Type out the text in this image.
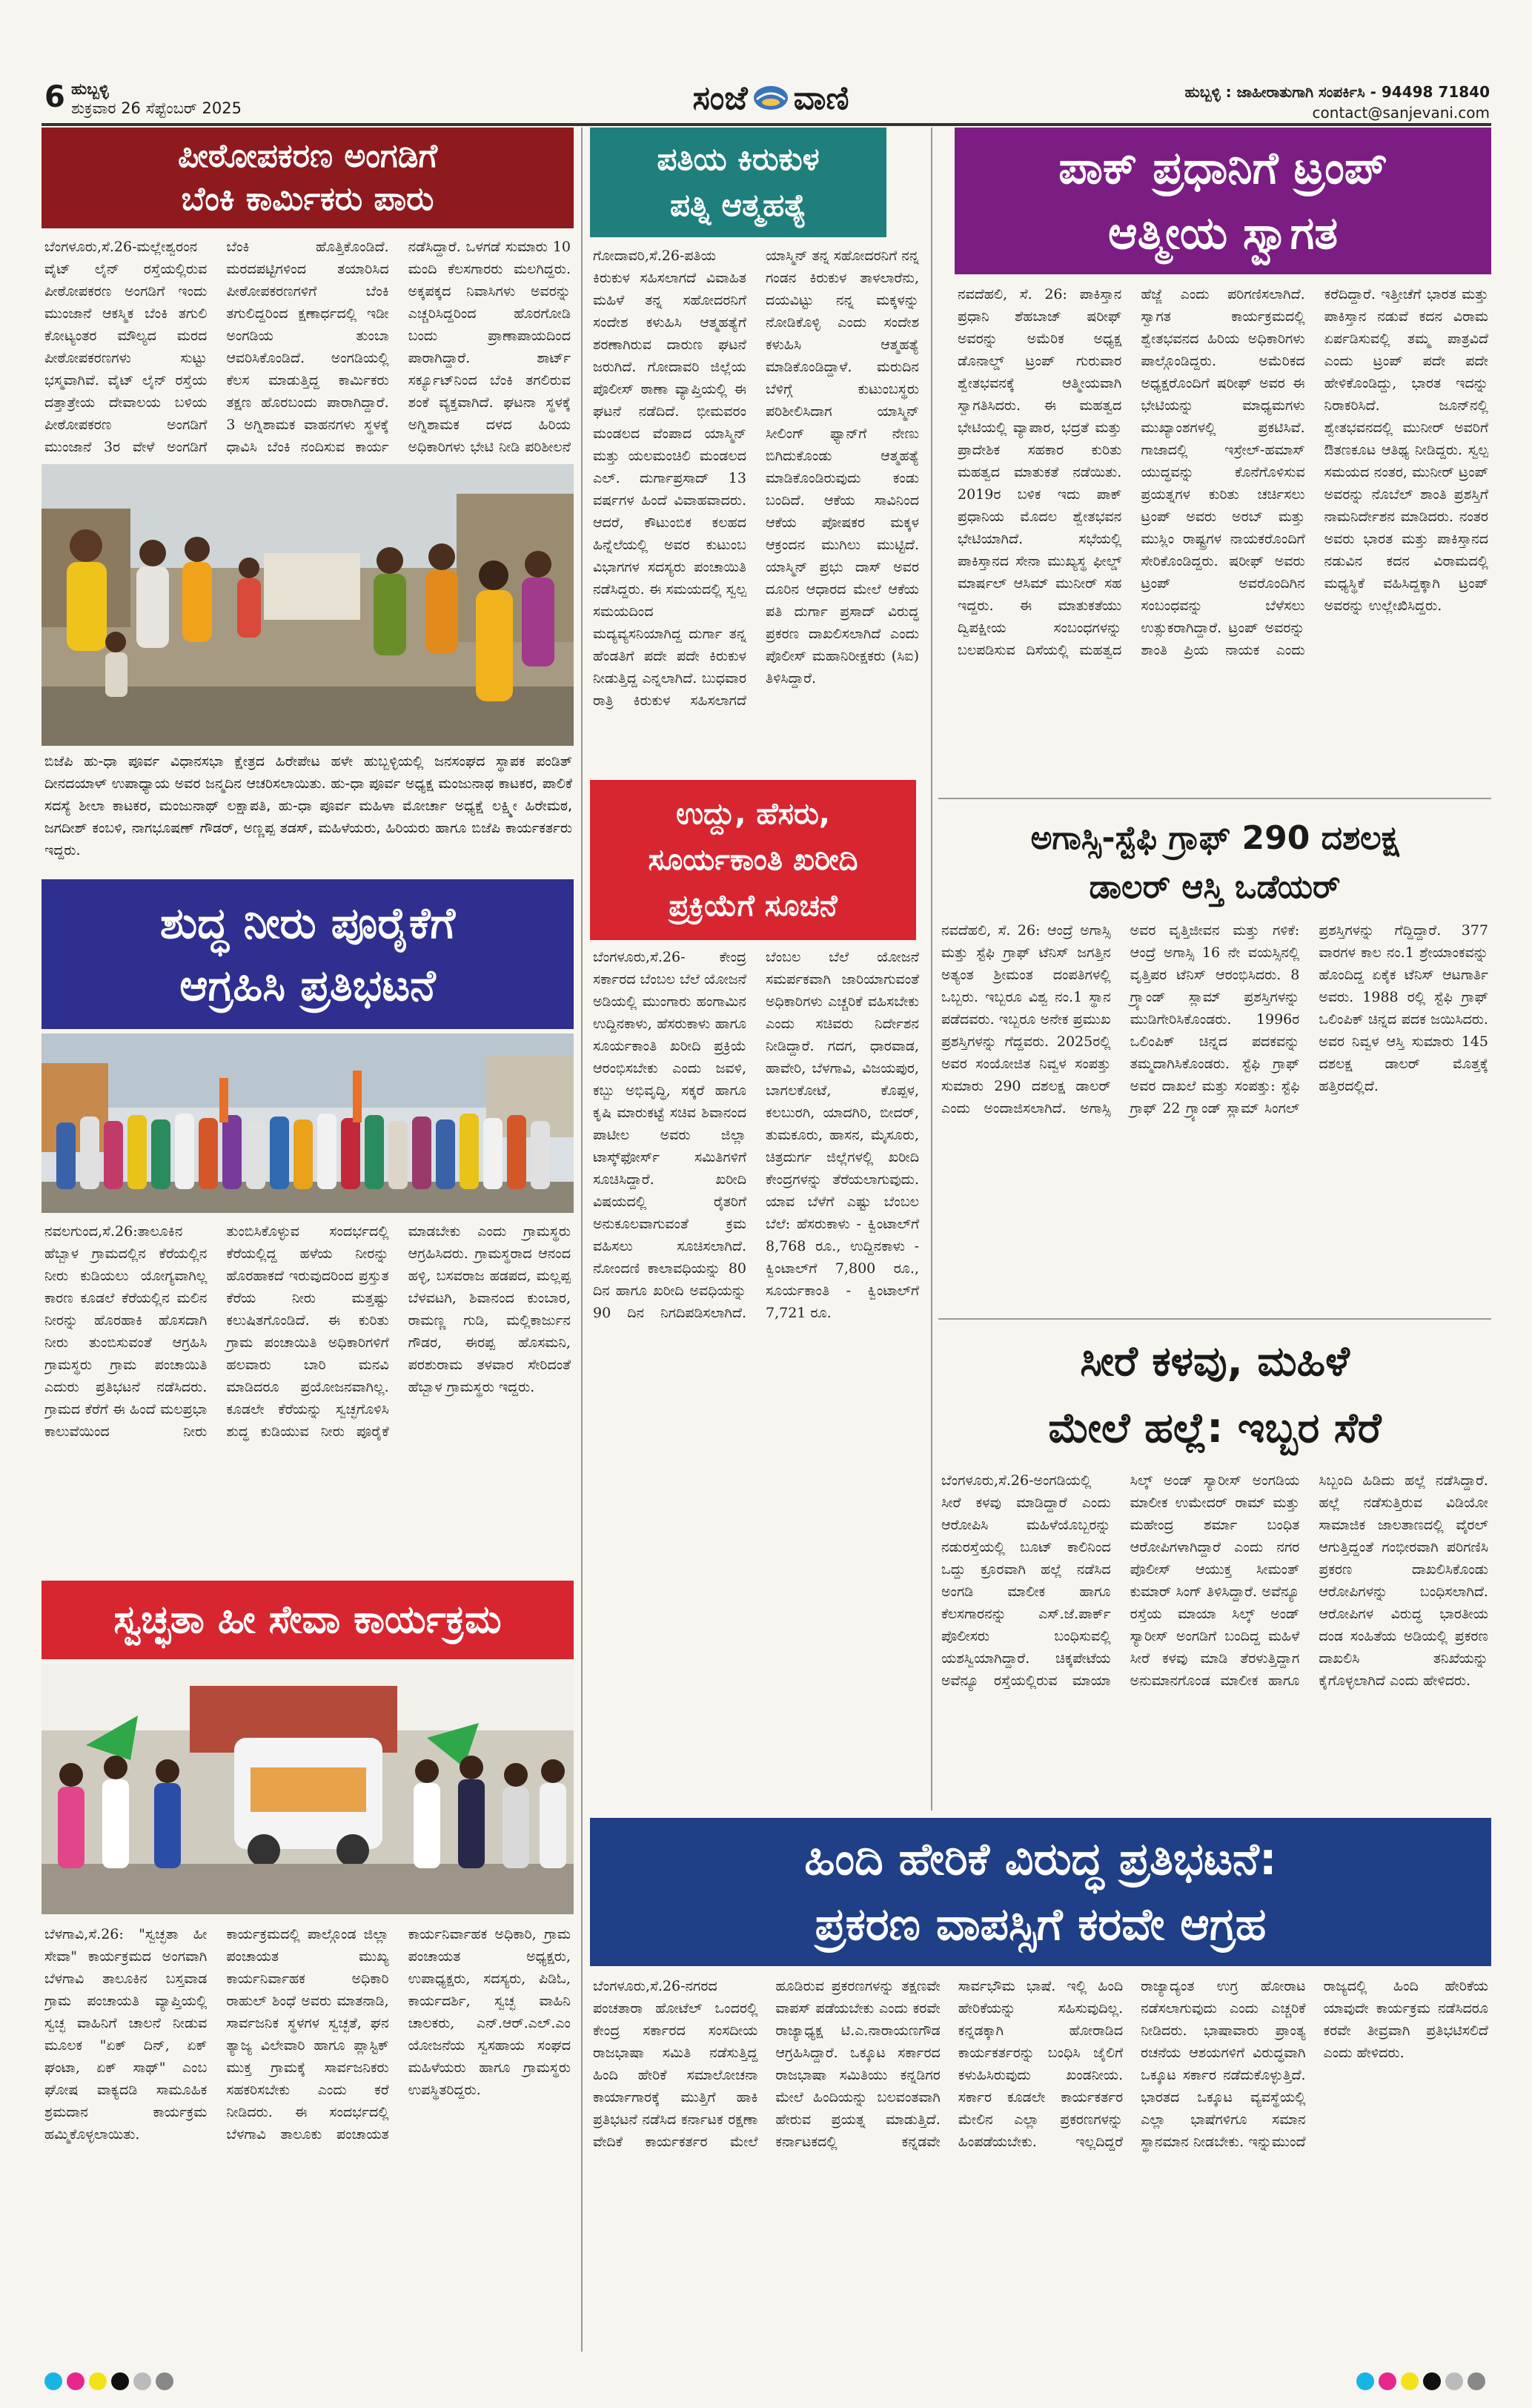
6 ಹುಬ್ಬಳ್ಳಿ
ಶುಕ್ರವಾರ 26 ಸೆಪ್ಟೆಂಬರ್ 2025	ಸಂಜೆ ವಾಣಿ	ಹುಬ್ಬಳ್ಳಿ : ಜಾಹೀರಾತುಗಾಗಿ ಸಂಪರ್ಕಿಸಿ - 94498 71840
contact@sanjevani.com
ಪೀಠೋಪಕರಣ ಅಂಗಡಿಗೆ
ಬೆಂಕಿ ಕಾರ್ಮಿಕರು ಪಾರು
ಬೆಂಗಳೂರು,ಸೆ.26-ಮಲ್ಲೇಶ್ವರಂನ ವೈಟ್ ಲೈನ್ ರಸ್ತೆಯಲ್ಲಿರುವ ಪೀಠೋಪಕರಣ ಅಂಗಡಿಗೆ ಇಂದು ಮುಂಜಾನೆ ಆಕಸ್ಮಿಕ ಬೆಂಕಿ ತಗುಲಿ ಕೋಟ್ಯಂತರ ಮೌಲ್ಯದ ಮರದ ಪೀಠೋಪಕರಣಗಳು ಸುಟ್ಟು ಭಸ್ಮವಾಗಿವೆ. ವೈಟ್ ಲೈನ್ ರಸ್ತೆಯ ದತ್ತಾತ್ರೇಯ ದೇವಾಲಯ ಬಳಿಯ ಪೀಠೋಪಕರಣ ಅಂಗಡಿಗೆ ಮುಂಜಾನೆ 3ರ ವೇಳೆ ಅಂಗಡಿಗೆ ಬೆಂಕಿ ಹೊತ್ತಿಕೊಂಡಿದೆ. ಮರದಪಟ್ಟಿಗಳಿಂದ ತಯಾರಿಸಿದ ಪೀಠೋಪಕರಣಗಳಿಗೆ ಬೆಂಕಿ ತಗುಲಿದ್ದರಿಂದ ಕ್ಷಣಾರ್ಧದಲ್ಲಿ ಇಡೀ ಅಂಗಡಿಯ ತುಂಬಾ ಆವರಿಸಿಕೊಂಡಿದೆ. ಅಂಗಡಿಯಲ್ಲಿ ಕೆಲಸ ಮಾಡುತ್ತಿದ್ದ ಕಾರ್ಮಿಕರು ತಕ್ಷಣ ಹೊರಬಂದು ಪಾರಾಗಿದ್ದಾರೆ. 3 ಅಗ್ನಿಶಾಮಕ ವಾಹನಗಳು ಸ್ಥಳಕ್ಕೆ ಧಾವಿಸಿ ಬೆಂಕಿ ನಂದಿಸುವ ಕಾರ್ಯ ನಡೆಸಿದ್ದಾರೆ. ಒಳಗಡೆ ಸುಮಾರು 10 ಮಂದಿ ಕೆಲಸಗಾರರು ಮಲಗಿದ್ದರು. ಅಕ್ಕಪಕ್ಕದ ನಿವಾಸಿಗಳು ಅವರನ್ನು ಎಚ್ಚರಿಸಿದ್ದರಿಂದ ಹೊರಗೋಡಿ ಬಂದು ಪ್ರಾಣಾಪಾಯದಿಂದ ಪಾರಾಗಿದ್ದಾರೆ. ಶಾರ್ಟ್ ಸರ್ಕ್ಯೂಟ್‌ನಿಂದ ಬೆಂಕಿ ತಗಲಿರುವ ಶಂಕೆ ವ್ಯಕ್ತವಾಗಿದೆ. ಘಟನಾ ಸ್ಥಳಕ್ಕೆ ಅಗ್ನಿಶಾಮಕ ದಳದ ಹಿರಿಯ ಅಧಿಕಾರಿಗಳು ಭೇಟಿ ನೀಡಿ ಪರಿಶೀಲನೆ
ಬಿಜೆಪಿ ಹು-ಧಾ ಪೂರ್ವ ವಿಧಾನಸಭಾ ಕ್ಷೇತ್ರದ ಹಿರೇಪೇಟ ಹಳೇ ಹುಬ್ಬಳ್ಳಿಯಲ್ಲಿ ಜನಸಂಘದ ಸ್ಥಾಪಕ ಪಂಡಿತ್ ದೀನದಯಾಳ್ ಉಪಾಧ್ಯಾಯ ಅವರ ಜನ್ಮದಿನ ಆಚರಿಸಲಾಯಿತು. ಹು-ಧಾ ಪೂರ್ವ ಅಧ್ಯಕ್ಷ ಮಂಜುನಾಥ ಕಾಟಕರ, ಪಾಲಿಕೆ ಸದಸ್ಯೆ ಶೀಲಾ ಕಾಟಕರ, ಮಂಜುನಾಥ್ ಲಕ್ಷಾಪತಿ, ಹು-ಧಾ ಪೂರ್ವ ಮಹಿಳಾ ಮೋರ್ಚಾ ಅಧ್ಯಕ್ಷೆ ಲಕ್ಷ್ಮೀ ಹಿರೇಮಠ, ಜಗದೀಶ್ ಕಂಬಳಿ, ನಾಗಭೂಷಣ್ ಗೌಡರ್, ಅಣ್ಣಪ್ಪ ತಡಸ್, ಮಹಿಳೆಯರು, ಹಿರಿಯರು ಹಾಗೂ ಬಿಜೆಪಿ ಕಾರ್ಯಕರ್ತರು ಇದ್ದರು.
ಶುದ್ಧ ನೀರು ಪೂರೈಕೆಗೆ
ಆಗ್ರಹಿಸಿ ಪ್ರತಿಭಟನೆ
ನವಲಗುಂದ,ಸೆ.26:ತಾಲೂಕಿನ ಹೆಬ್ಬಾಳ ಗ್ರಾಮದಲ್ಲಿನ ಕೆರೆಯಲ್ಲಿನ ನೀರು ಕುಡಿಯಲು ಯೋಗ್ಯವಾಗಿಲ್ಲ ಕಾರಣ ಕೂಡಲೆ ಕೆರೆಯಲ್ಲಿನ ಮಲಿನ ನೀರನ್ನು ಹೊರಹಾಕಿ ಹೊಸದಾಗಿ ನೀರು ತುಂಬಿಸುವಂತೆ ಆಗ್ರಹಿಸಿ ಗ್ರಾಮಸ್ಥರು ಗ್ರಾಮ ಪಂಚಾಯಿತಿ ಎದುರು ಪ್ರತಿಭಟನೆ ನಡೆಸಿದರು. ಗ್ರಾಮದ ಕೆರೆಗೆ ಈ ಹಿಂದೆ ಮಲಪ್ರಭಾ ಕಾಲುವೆಯಿಂದ ನೀರು ತುಂಬಿಸಿಕೊಳ್ಳುವ ಸಂದರ್ಭದಲ್ಲಿ ಕೆರೆಯಲ್ಲಿದ್ದ ಹಳೆಯ ನೀರನ್ನು ಹೊರಹಾಕದೆ ಇರುವುದರಿಂದ ಪ್ರಸ್ತುತ ಕೆರೆಯ ನೀರು ಮತ್ತಷ್ಟು ಕಲುಷಿತಗೊಂಡಿದೆ. ಈ ಕುರಿತು ಗ್ರಾಮ ಪಂಚಾಯಿತಿ ಅಧಿಕಾರಿಗಳಿಗೆ ಹಲವಾರು ಬಾರಿ ಮನವಿ ಮಾಡಿದರೂ ಪ್ರಯೋಜನವಾಗಿಲ್ಲ. ಕೂಡಲೇ ಕೆರೆಯನ್ನು ಸ್ವಚ್ಛಗೊಳಿಸಿ ಶುದ್ಧ ಕುಡಿಯುವ ನೀರು ಪೂರೈಕೆ ಮಾಡಬೇಕು ಎಂದು ಗ್ರಾಮಸ್ಥರು ಆಗ್ರಹಿಸಿದರು. ಗ್ರಾಮಸ್ಥರಾದ ಆನಂದ ಹಳ್ಳಿ, ಬಸವರಾಜ ಹಡಪದ, ಮಲ್ಲಪ್ಪ ಬೆಳವಟಗಿ, ಶಿವಾನಂದ ಕುಂಬಾರ, ರಾಮಣ್ಣ ಗುಡಿ, ಮಲ್ಲಿಕಾರ್ಜುನ ಗೌಡರ, ಈರಪ್ಪ ಹೊಸಮನಿ, ಪರಶುರಾಮ ತಳವಾರ ಸೇರಿದಂತೆ ಹೆಬ್ಬಾಳ ಗ್ರಾಮಸ್ಥರು ಇದ್ದರು.
ಸ್ವಚ್ಛತಾ ಹೀ ಸೇವಾ ಕಾರ್ಯಕ್ರಮ
ಬೆಳಗಾವಿ,ಸೆ.26: "ಸ್ವಚ್ಛತಾ ಹೀ ಸೇವಾ" ಕಾರ್ಯಕ್ರಮದ ಅಂಗವಾಗಿ ಬೆಳಗಾವಿ ತಾಲೂಕಿನ ಬಸ್ತವಾಡ ಗ್ರಾಮ ಪಂಚಾಯತಿ ವ್ಯಾಪ್ತಿಯಲ್ಲಿ ಸ್ವಚ್ಛ ವಾಹಿನಿಗೆ ಚಾಲನೆ ನೀಡುವ ಮೂಲಕ "ಏಕ್ ದಿನ್, ಏಕ್ ಘಂಟಾ, ಏಕ್ ಸಾಥ್" ಎಂಬ ಘೋಷ ವಾಕ್ಯದಡಿ ಸಾಮೂಹಿಕ ಶ್ರಮದಾನ ಕಾರ್ಯಕ್ರಮ ಹಮ್ಮಿಕೊಳ್ಳಲಾಯಿತು. ಕಾರ್ಯಕ್ರಮದಲ್ಲಿ ಪಾಲ್ಗೊಂಡ ಜಿಲ್ಲಾ ಪಂಚಾಯತ ಮುಖ್ಯ ಕಾರ್ಯನಿರ್ವಾಹಕ ಅಧಿಕಾರಿ ರಾಹುಲ್ ಶಿಂಧೆ ಅವರು ಮಾತನಾಡಿ, ಸಾರ್ವಜನಿಕ ಸ್ಥಳಗಳ ಸ್ವಚ್ಛತೆ, ಘನ ತ್ಯಾಜ್ಯ ವಿಲೇವಾರಿ ಹಾಗೂ ಪ್ಲಾಸ್ಟಿಕ್ ಮುಕ್ತ ಗ್ರಾಮಕ್ಕೆ ಸಾರ್ವಜನಿಕರು ಸಹಕರಿಸಬೇಕು ಎಂದು ಕರೆ ನೀಡಿದರು. ಈ ಸಂದರ್ಭದಲ್ಲಿ ಬೆಳಗಾವಿ ತಾಲೂಕು ಪಂಚಾಯತ ಕಾರ್ಯನಿರ್ವಾಹಕ ಅಧಿಕಾರಿ, ಗ್ರಾಮ ಪಂಚಾಯತ ಅಧ್ಯಕ್ಷರು, ಉಪಾಧ್ಯಕ್ಷರು, ಸದಸ್ಯರು, ಪಿಡಿಓ, ಕಾರ್ಯದರ್ಶಿ, ಸ್ವಚ್ಛ ವಾಹಿನಿ ಚಾಲಕರು, ಎನ್.ಆರ್.ಎಲ್.ಎಂ ಯೋಜನೆಯ ಸ್ವಸಹಾಯ ಸಂಘದ ಮಹಿಳೆಯರು ಹಾಗೂ ಗ್ರಾಮಸ್ಥರು ಉಪಸ್ಥಿತರಿದ್ದರು.
ಪತಿಯ ಕಿರುಕುಳ
ಪತ್ನಿ ಆತ್ಮಹತ್ಯೆ
ಗೋದಾವರಿ,ಸೆ.26-ಪತಿಯ ಕಿರುಕುಳ ಸಹಿಸಲಾಗದೆ ವಿವಾಹಿತ ಮಹಿಳೆ ತನ್ನ ಸಹೋದರನಿಗೆ ಸಂದೇಶ ಕಳುಹಿಸಿ ಆತ್ಮಹತ್ಯೆಗೆ ಶರಣಾಗಿರುವ ದಾರುಣ ಘಟನೆ ಜರುಗಿದೆ. ಗೋದಾವರಿ ಜಿಲ್ಲೆಯ ಪೊಲೀಸ್ ಠಾಣಾ ವ್ಯಾಪ್ತಿಯಲ್ಲಿ ಈ ಘಟನೆ ನಡೆದಿದೆ. ಭೀಮವರಂ ಮಂಡಲದ ವೆಂಪಾದ ಯಾಸ್ಮಿನ್ ಮತ್ತು ಯಲಮಂಚಿಲಿ ಮಂಡಲದ ಎಲ್. ದುರ್ಗಾಪ್ರಸಾದ್ 13 ವರ್ಷಗಳ ಹಿಂದೆ ವಿವಾಹವಾದರು. ಆದರೆ, ಕೌಟುಂಬಿಕ ಕಲಹದ ಹಿನ್ನೆಲೆಯಲ್ಲಿ ಅವರ ಕುಟುಂಬ ವಿಭಾಗಗಳ ಸದಸ್ಯರು ಪಂಚಾಯಿತಿ ನಡೆಸಿದ್ದರು. ಈ ಸಮಯದಲ್ಲಿ ಸ್ವಲ್ಪ ಸಮಯದಿಂದ ಮದ್ಯವ್ಯಸನಿಯಾಗಿದ್ದ ದುರ್ಗಾ ತನ್ನ ಹೆಂಡತಿಗೆ ಪದೇ ಪದೇ ಕಿರುಕುಳ ನೀಡುತ್ತಿದ್ದ ಎನ್ನಲಾಗಿದೆ. ಬುಧವಾರ ರಾತ್ರಿ ಕಿರುಕುಳ ಸಹಿಸಲಾಗದೆ ಯಾಸ್ಮಿನ್ ತನ್ನ ಸಹೋದರನಿಗೆ ನನ್ನ ಗಂಡನ ಕಿರುಕುಳ ತಾಳಲಾರೆನು, ದಯವಿಟ್ಟು ನನ್ನ ಮಕ್ಕಳನ್ನು ನೋಡಿಕೊಳ್ಳಿ ಎಂದು ಸಂದೇಶ ಕಳುಹಿಸಿ ಆತ್ಮಹತ್ಯೆ ಮಾಡಿಕೊಂಡಿದ್ದಾಳೆ. ಮರುದಿನ ಬೆಳಿಗ್ಗೆ ಕುಟುಂಬಸ್ಥರು ಪರಿಶೀಲಿಸಿದಾಗ ಯಾಸ್ಮಿನ್ ಸೀಲಿಂಗ್ ಫ್ಯಾನ್‌ಗೆ ನೇಣು ಬಿಗಿದುಕೊಂಡು ಆತ್ಮಹತ್ಯೆ ಮಾಡಿಕೊಂಡಿರುವುದು ಕಂಡು ಬಂದಿದೆ. ಆಕೆಯ ಸಾವಿನಿಂದ ಆಕೆಯ ಪೋಷಕರ ಮಕ್ಕಳ ಆಕ್ರಂದನ ಮುಗಿಲು ಮುಟ್ಟಿದೆ. ಯಾಸ್ಮಿನ್ ಪ್ರಭು ದಾಸ್ ಅವರ ದೂರಿನ ಆಧಾರದ ಮೇಲೆ ಆಕೆಯ ಪತಿ ದುರ್ಗಾ ಪ್ರಸಾದ್ ವಿರುದ್ಧ ಪ್ರಕರಣ ದಾಖಲಿಸಲಾಗಿದೆ ಎಂದು ಪೊಲೀಸ್ ಮಹಾನಿರೀಕ್ಷಕರು (ಸಿಐ) ತಿಳಿಸಿದ್ದಾರೆ.
ಪಾಕ್ ಪ್ರಧಾನಿಗೆ ಟ್ರಂಪ್
ಆತ್ಮೀಯ ಸ್ವಾಗತ
ನವದೆಹಲಿ, ಸೆ. 26: ಪಾಕಿಸ್ತಾನ ಪ್ರಧಾನಿ ಶೆಹಬಾಜ್ ಷರೀಫ್ ಅವರನ್ನು ಅಮೆರಿಕ ಅಧ್ಯಕ್ಷ ಡೊನಾಲ್ಡ್ ಟ್ರಂಪ್ ಗುರುವಾರ ಶ್ವೇತಭವನಕ್ಕೆ ಆತ್ಮೀಯವಾಗಿ ಸ್ವಾಗತಿಸಿದರು. ಈ ಮಹತ್ವದ ಭೇಟಿಯಲ್ಲಿ ವ್ಯಾಪಾರ, ಭದ್ರತೆ ಮತ್ತು ಪ್ರಾದೇಶಿಕ ಸಹಕಾರ ಕುರಿತು ಮಹತ್ವದ ಮಾತುಕತೆ ನಡೆಯಿತು. 2019ರ ಬಳಿಕ ಇದು ಪಾಕ್ ಪ್ರಧಾನಿಯ ಮೊದಲ ಶ್ವೇತಭವನ ಭೇಟಿಯಾಗಿದೆ. ಸಭೆಯಲ್ಲಿ ಪಾಕಿಸ್ತಾನದ ಸೇನಾ ಮುಖ್ಯಸ್ಥ ಫೀಲ್ಡ್ ಮಾರ್ಷಲ್ ಆಸಿಮ್ ಮುನೀರ್ ಸಹ ಇದ್ದರು. ಈ ಮಾತುಕತೆಯು ದ್ವಿಪಕ್ಷೀಯ ಸಂಬಂಧಗಳನ್ನು ಬಲಪಡಿಸುವ ದಿಸೆಯಲ್ಲಿ ಮಹತ್ವದ ಹೆಜ್ಜೆ ಎಂದು ಪರಿಗಣಿಸಲಾಗಿದೆ. ಸ್ವಾಗತ ಕಾರ್ಯಕ್ರಮದಲ್ಲಿ ಶ್ವೇತಭವನದ ಹಿರಿಯ ಅಧಿಕಾರಿಗಳು ಪಾಲ್ಗೊಂಡಿದ್ದರು. ಅಮೆರಿಕದ ಅಧ್ಯಕ್ಷರೊಂದಿಗೆ ಷರೀಫ್ ಅವರ ಈ ಭೇಟಿಯನ್ನು ಮಾಧ್ಯಮಗಳು ಮುಖ್ಯಾಂಶಗಳಲ್ಲಿ ಪ್ರಕಟಿಸಿವೆ. ಗಾಜಾದಲ್ಲಿ ಇಸ್ರೇಲ್-ಹಮಾಸ್ ಯುದ್ಧವನ್ನು ಕೊನೆಗೊಳಿಸುವ ಪ್ರಯತ್ನಗಳ ಕುರಿತು ಚರ್ಚಿಸಲು ಟ್ರಂಪ್ ಅವರು ಅರಬ್ ಮತ್ತು ಮುಸ್ಲಿಂ ರಾಷ್ಟ್ರಗಳ ನಾಯಕರೊಂದಿಗೆ ಸೇರಿಕೊಂಡಿದ್ದರು. ಷರೀಫ್ ಅವರು ಟ್ರಂಪ್ ಅವರೊಂದಿಗಿನ ಸಂಬಂಧವನ್ನು ಬೆಳೆಸಲು ಉತ್ಸುಕರಾಗಿದ್ದಾರೆ. ಟ್ರಂಪ್ ಅವರನ್ನು ಶಾಂತಿ ಪ್ರಿಯ ನಾಯಕ ಎಂದು ಕರೆದಿದ್ದಾರೆ. ಇತ್ತೀಚೆಗೆ ಭಾರತ ಮತ್ತು ಪಾಕಿಸ್ತಾನ ನಡುವೆ ಕದನ ವಿರಾಮ ಏರ್ಪಡಿಸುವಲ್ಲಿ ತಮ್ಮ ಪಾತ್ರವಿದೆ ಎಂದು ಟ್ರಂಪ್ ಪದೇ ಪದೇ ಹೇಳಿಕೊಂಡಿದ್ದು, ಭಾರತ ಇದನ್ನು ನಿರಾಕರಿಸಿದೆ. ಜೂನ್‌ನಲ್ಲಿ ಶ್ವೇತಭವನದಲ್ಲಿ ಮುನೀರ್ ಅವರಿಗೆ ಔತಣಕೂಟ ಆತಿಥ್ಯ ನೀಡಿದ್ದರು. ಸ್ವಲ್ಪ ಸಮಯದ ನಂತರ, ಮುನೀರ್ ಟ್ರಂಪ್ ಅವರನ್ನು ನೊಬೆಲ್ ಶಾಂತಿ ಪ್ರಶಸ್ತಿಗೆ ನಾಮನಿರ್ದೇಶನ ಮಾಡಿದರು. ನಂತರ ಅವರು ಭಾರತ ಮತ್ತು ಪಾಕಿಸ್ತಾನದ ನಡುವಿನ ಕದನ ವಿರಾಮದಲ್ಲಿ ಮಧ್ಯಸ್ಥಿಕೆ ವಹಿಸಿದ್ದಕ್ಕಾಗಿ ಟ್ರಂಪ್ ಅವರನ್ನು ಉಲ್ಲೇಖಿಸಿದ್ದರು.
ಉದ್ದು, ಹೆಸರು,
ಸೂರ್ಯಕಾಂತಿ ಖರೀದಿ
ಪ್ರಕ್ರಿಯೆಗೆ ಸೂಚನೆ
ಬೆಂಗಳೂರು,ಸೆ.26- ಕೇಂದ್ರ ಸರ್ಕಾರದ ಬೆಂಬಲ ಬೆಲೆ ಯೋಜನೆ ಅಡಿಯಲ್ಲಿ ಮುಂಗಾರು ಹಂಗಾಮಿನ ಉದ್ದಿನಕಾಳು, ಹೆಸರುಕಾಳು ಹಾಗೂ ಸೂರ್ಯಕಾಂತಿ ಖರೀದಿ ಪ್ರಕ್ರಿಯೆ ಆರಂಭಿಸಬೇಕು ಎಂದು ಜವಳಿ, ಕಬ್ಬು ಅಭಿವೃದ್ಧಿ, ಸಕ್ಕರೆ ಹಾಗೂ ಕೃಷಿ ಮಾರುಕಟ್ಟೆ ಸಚಿವ ಶಿವಾನಂದ ಪಾಟೀಲ ಅವರು ಜಿಲ್ಲಾ ಟಾಸ್ಕ್‌ಫೋರ್ಸ್ ಸಮಿತಿಗಳಿಗೆ ಸೂಚಿಸಿದ್ದಾರೆ. ಖರೀದಿ ವಿಷಯದಲ್ಲಿ ರೈತರಿಗೆ ಅನುಕೂಲವಾಗುವಂತೆ ಕ್ರಮ ವಹಿಸಲು ಸೂಚಿಸಲಾಗಿದೆ. ನೋಂದಣಿ ಕಾಲಾವಧಿಯನ್ನು 80 ದಿನ ಹಾಗೂ ಖರೀದಿ ಅವಧಿಯನ್ನು 90 ದಿನ ನಿಗದಿಪಡಿಸಲಾಗಿದೆ. ಬೆಂಬಲ ಬೆಲೆ ಯೋಜನೆ ಸಮರ್ಪಕವಾಗಿ ಜಾರಿಯಾಗುವಂತೆ ಅಧಿಕಾರಿಗಳು ಎಚ್ಚರಿಕೆ ವಹಿಸಬೇಕು ಎಂದು ಸಚಿವರು ನಿರ್ದೇಶನ ನೀಡಿದ್ದಾರೆ. ಗದಗ, ಧಾರವಾಡ, ಹಾವೇರಿ, ಬೆಳಗಾವಿ, ವಿಜಯಪುರ, ಬಾಗಲಕೋಟೆ, ಕೊಪ್ಪಳ, ಕಲಬುರಗಿ, ಯಾದಗಿರಿ, ಬೀದರ್, ತುಮಕೂರು, ಹಾಸನ, ಮೈಸೂರು, ಚಿತ್ರದುರ್ಗ ಜಿಲ್ಲೆಗಳಲ್ಲಿ ಖರೀದಿ ಕೇಂದ್ರಗಳನ್ನು ತೆರೆಯಲಾಗುವುದು. ಯಾವ ಬೆಳೆಗೆ ಎಷ್ಟು ಬೆಂಬಲ ಬೆಲೆ: ಹೆಸರುಕಾಳು - ಕ್ವಿಂಟಾಲ್‌ಗೆ 8,768 ರೂ., ಉದ್ದಿನಕಾಳು - ಕ್ವಿಂಟಾಲ್‌ಗೆ 7,800 ರೂ., ಸೂರ್ಯಕಾಂತಿ - ಕ್ವಿಂಟಾಲ್‌ಗೆ 7,721 ರೂ.
ಅಗಾಸ್ಸಿ-ಸ್ಟೆಫಿ ಗ್ರಾಫ್ 290 ದಶಲಕ್ಷ
ಡಾಲರ್ ಆಸ್ತಿ ಒಡೆಯರ್
ನವದೆಹಲಿ, ಸೆ. 26: ಆಂದ್ರೆ ಅಗಾಸ್ಸಿ ಮತ್ತು ಸ್ಟೆಫಿ ಗ್ರಾಫ್ ಟೆನಿಸ್ ಜಗತ್ತಿನ ಅತ್ಯಂತ ಶ್ರೀಮಂತ ದಂಪತಿಗಳಲ್ಲಿ ಒಬ್ಬರು. ಇಬ್ಬರೂ ವಿಶ್ವ ನಂ.1 ಸ್ಥಾನ ಪಡೆದವರು. ಇಬ್ಬರೂ ಅನೇಕ ಪ್ರಮುಖ ಪ್ರಶಸ್ತಿಗಳನ್ನು ಗೆದ್ದವರು. 2025ರಲ್ಲಿ ಅವರ ಸಂಯೋಜಿತ ನಿವ್ವಳ ಸಂಪತ್ತು ಸುಮಾರು 290 ದಶಲಕ್ಷ ಡಾಲರ್ ಎಂದು ಅಂದಾಜಿಸಲಾಗಿದೆ. ಅಗಾಸ್ಸಿ ಅವರ ವೃತ್ತಿಜೀವನ ಮತ್ತು ಗಳಿಕೆ: ಆಂದ್ರೆ ಅಗಾಸ್ಸಿ 16 ನೇ ವಯಸ್ಸಿನಲ್ಲಿ ವೃತ್ತಿಪರ ಟೆನಿಸ್ ಆರಂಭಿಸಿದರು. 8 ಗ್ರ್ಯಾಂಡ್ ಸ್ಲಾಮ್ ಪ್ರಶಸ್ತಿಗಳನ್ನು ಮುಡಿಗೇರಿಸಿಕೊಂಡರು. 1996ರ ಒಲಿಂಪಿಕ್ ಚಿನ್ನದ ಪದಕವನ್ನು ತಮ್ಮದಾಗಿಸಿಕೊಂಡರು. ಸ್ಟೆಫಿ ಗ್ರಾಫ್ ಅವರ ದಾಖಲೆ ಮತ್ತು ಸಂಪತ್ತು: ಸ್ಟೆಫಿ ಗ್ರಾಫ್ 22 ಗ್ರ್ಯಾಂಡ್ ಸ್ಲಾಮ್ ಸಿಂಗಲ್ ಪ್ರಶಸ್ತಿಗಳನ್ನು ಗೆದ್ದಿದ್ದಾರೆ. 377 ವಾರಗಳ ಕಾಲ ನಂ.1 ಶ್ರೇಯಾಂಕವನ್ನು ಹೊಂದಿದ್ದ ಏಕೈಕ ಟೆನಿಸ್ ಆಟಗಾರ್ತಿ ಅವರು. 1988 ರಲ್ಲಿ ಸ್ಟೆಫಿ ಗ್ರಾಫ್ ಒಲಿಂಪಿಕ್ ಚಿನ್ನದ ಪದಕ ಜಯಿಸಿದರು. ಅವರ ನಿವ್ವಳ ಆಸ್ತಿ ಸುಮಾರು 145 ದಶಲಕ್ಷ ಡಾಲರ್ ಮೊತ್ತಕ್ಕೆ ಹತ್ತಿರದಲ್ಲಿದೆ.
ಸೀರೆ ಕಳವು, ಮಹಿಳೆ
ಮೇಲೆ ಹಲ್ಲೆ: ಇಬ್ಬರ ಸೆರೆ
ಬೆಂಗಳೂರು,ಸೆ.26-ಅಂಗಡಿಯಲ್ಲಿ ಸೀರೆ ಕಳವು ಮಾಡಿದ್ದಾರೆ ಎಂದು ಆರೋಪಿಸಿ ಮಹಿಳೆಯೊಬ್ಬರನ್ನು ನಡುರಸ್ತೆಯಲ್ಲಿ ಬೂಟ್ ಕಾಲಿನಿಂದ ಒದ್ದು ಕ್ರೂರವಾಗಿ ಹಲ್ಲೆ ನಡೆಸಿದ ಅಂಗಡಿ ಮಾಲೀಕ ಹಾಗೂ ಕೆಲಸಗಾರನನ್ನು ಎಸ್.ಜೆ.ಪಾರ್ಕ್ ಪೊಲೀಸರು ಬಂಧಿಸುವಲ್ಲಿ ಯಶಸ್ವಿಯಾಗಿದ್ದಾರೆ. ಚಿಕ್ಕಪೇಟೆಯ ಅವೆನ್ಯೂ ರಸ್ತೆಯಲ್ಲಿರುವ ಮಾಯಾ ಸಿಲ್ಕ್ ಅಂಡ್ ಸ್ಯಾರೀಸ್ ಅಂಗಡಿಯ ಮಾಲೀಕ ಉಮೇದರ್ ರಾಮ್ ಮತ್ತು ಮಹೇಂದ್ರ ಶರ್ಮಾ ಬಂಧಿತ ಆರೋಪಿಗಳಾಗಿದ್ದಾರೆ ಎಂದು ನಗರ ಪೊಲೀಸ್ ಆಯುಕ್ತ ಸೀಮಂತ್ ಕುಮಾರ್ ಸಿಂಗ್ ತಿಳಿಸಿದ್ದಾರೆ. ಅವೆನ್ಯೂ ರಸ್ತೆಯ ಮಾಯಾ ಸಿಲ್ಕ್ ಅಂಡ್ ಸ್ಯಾರೀಸ್ ಅಂಗಡಿಗೆ ಬಂದಿದ್ದ ಮಹಿಳೆ ಸೀರೆ ಕಳವು ಮಾಡಿ ತೆರಳುತ್ತಿದ್ದಾಗ ಅನುಮಾನಗೊಂಡ ಮಾಲೀಕ ಹಾಗೂ ಸಿಬ್ಬಂದಿ ಹಿಡಿದು ಹಲ್ಲೆ ನಡೆಸಿದ್ದಾರೆ. ಹಲ್ಲೆ ನಡೆಸುತ್ತಿರುವ ವಿಡಿಯೋ ಸಾಮಾಜಿಕ ಜಾಲತಾಣದಲ್ಲಿ ವೈರಲ್ ಆಗುತ್ತಿದ್ದಂತೆ ಗಂಭೀರವಾಗಿ ಪರಿಗಣಿಸಿ ಪ್ರಕರಣ ದಾಖಲಿಸಿಕೊಂಡು ಆರೋಪಿಗಳನ್ನು ಬಂಧಿಸಲಾಗಿದೆ. ಆರೋಪಿಗಳ ವಿರುದ್ಧ ಭಾರತೀಯ ದಂಡ ಸಂಹಿತೆಯ ಅಡಿಯಲ್ಲಿ ಪ್ರಕರಣ ದಾಖಲಿಸಿ ತನಿಖೆಯನ್ನು ಕೈಗೊಳ್ಳಲಾಗಿದೆ ಎಂದು ಹೇಳಿದರು.
ಹಿಂದಿ ಹೇರಿಕೆ ವಿರುದ್ಧ ಪ್ರತಿಭಟನೆ:
ಪ್ರಕರಣ ವಾಪಸ್ಸಿಗೆ ಕರವೇ ಆಗ್ರಹ
ಬೆಂಗಳೂರು,ಸೆ.26-ನಗರದ ಪಂಚತಾರಾ ಹೋಟೆಲ್ ಒಂದರಲ್ಲಿ ಕೇಂದ್ರ ಸರ್ಕಾರದ ಸಂಸದೀಯ ರಾಜಭಾಷಾ ಸಮಿತಿ ನಡೆಸುತ್ತಿದ್ದ ಹಿಂದಿ ಹೇರಿಕೆ ಸಮಾಲೋಚನಾ ಕಾರ್ಯಾಗಾರಕ್ಕೆ ಮುತ್ತಿಗೆ ಹಾಕಿ ಪ್ರತಿಭಟನೆ ನಡೆಸಿದ ಕರ್ನಾಟಕ ರಕ್ಷಣಾ ವೇದಿಕೆ ಕಾರ್ಯಕರ್ತರ ಮೇಲೆ ಹೂಡಿರುವ ಪ್ರಕರಣಗಳನ್ನು ತಕ್ಷಣವೇ ವಾಪಸ್ ಪಡೆಯಬೇಕು ಎಂದು ಕರವೇ ರಾಜ್ಯಾಧ್ಯಕ್ಷ ಟಿ.ಎ.ನಾರಾಯಣಗೌಡ ಆಗ್ರಹಿಸಿದ್ದಾರೆ. ಒಕ್ಕೂಟ ಸರ್ಕಾರದ ರಾಜಭಾಷಾ ಸಮಿತಿಯು ಕನ್ನಡಿಗರ ಮೇಲೆ ಹಿಂದಿಯನ್ನು ಬಲವಂತವಾಗಿ ಹೇರುವ ಪ್ರಯತ್ನ ಮಾಡುತ್ತಿದೆ. ಕರ್ನಾಟಕದಲ್ಲಿ ಕನ್ನಡವೇ ಸಾರ್ವಭೌಮ ಭಾಷೆ. ಇಲ್ಲಿ ಹಿಂದಿ ಹೇರಿಕೆಯನ್ನು ಸಹಿಸುವುದಿಲ್ಲ. ಕನ್ನಡಕ್ಕಾಗಿ ಹೋರಾಡಿದ ಕಾರ್ಯಕರ್ತರನ್ನು ಬಂಧಿಸಿ ಜೈಲಿಗೆ ಕಳುಹಿಸಿರುವುದು ಖಂಡನೀಯ. ಸರ್ಕಾರ ಕೂಡಲೇ ಕಾರ್ಯಕರ್ತರ ಮೇಲಿನ ಎಲ್ಲಾ ಪ್ರಕರಣಗಳನ್ನು ಹಿಂಪಡೆಯಬೇಕು. ಇಲ್ಲದಿದ್ದರೆ ರಾಜ್ಯಾದ್ಯಂತ ಉಗ್ರ ಹೋರಾಟ ನಡೆಸಲಾಗುವುದು ಎಂದು ಎಚ್ಚರಿಕೆ ನೀಡಿದರು. ಭಾಷಾವಾರು ಪ್ರಾಂತ್ಯ ರಚನೆಯ ಆಶಯಗಳಿಗೆ ವಿರುದ್ಧವಾಗಿ ಒಕ್ಕೂಟ ಸರ್ಕಾರ ನಡೆದುಕೊಳ್ಳುತ್ತಿದೆ. ಭಾರತದ ಒಕ್ಕೂಟ ವ್ಯವಸ್ಥೆಯಲ್ಲಿ ಎಲ್ಲಾ ಭಾಷೆಗಳಿಗೂ ಸಮಾನ ಸ್ಥಾನಮಾನ ನೀಡಬೇಕು. ಇನ್ನುಮುಂದೆ ರಾಜ್ಯದಲ್ಲಿ ಹಿಂದಿ ಹೇರಿಕೆಯ ಯಾವುದೇ ಕಾರ್ಯಕ್ರಮ ನಡೆಸಿದರೂ ಕರವೇ ತೀವ್ರವಾಗಿ ಪ್ರತಿಭಟಿಸಲಿದೆ ಎಂದು ಹೇಳಿದರು.
